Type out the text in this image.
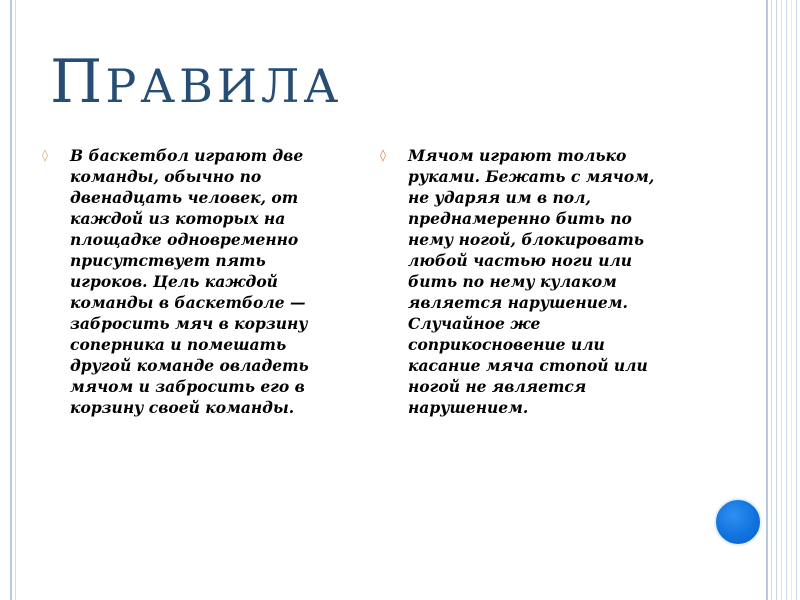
ПРАВИЛА
◊ В баскетбол играют две
команды, обычно по
двенадцать человек, от
каждой из которых на
площадке одновременно
присутствует пять
игроков. Цель каждой
команды в баскетболе —
забросить мяч в корзину
соперника и помешать
другой команде овладеть
мячом и забросить его в
корзину своей команды.

◊ Мячом играют только
руками. Бежать с мячом,
не ударяя им в пол,
преднамеренно бить по
нему ногой, блокировать
любой частью ноги или
бить по нему кулаком
является нарушением.
Случайное же
соприкосновение или
касание мяча стопой или
ногой не является
нарушением.
